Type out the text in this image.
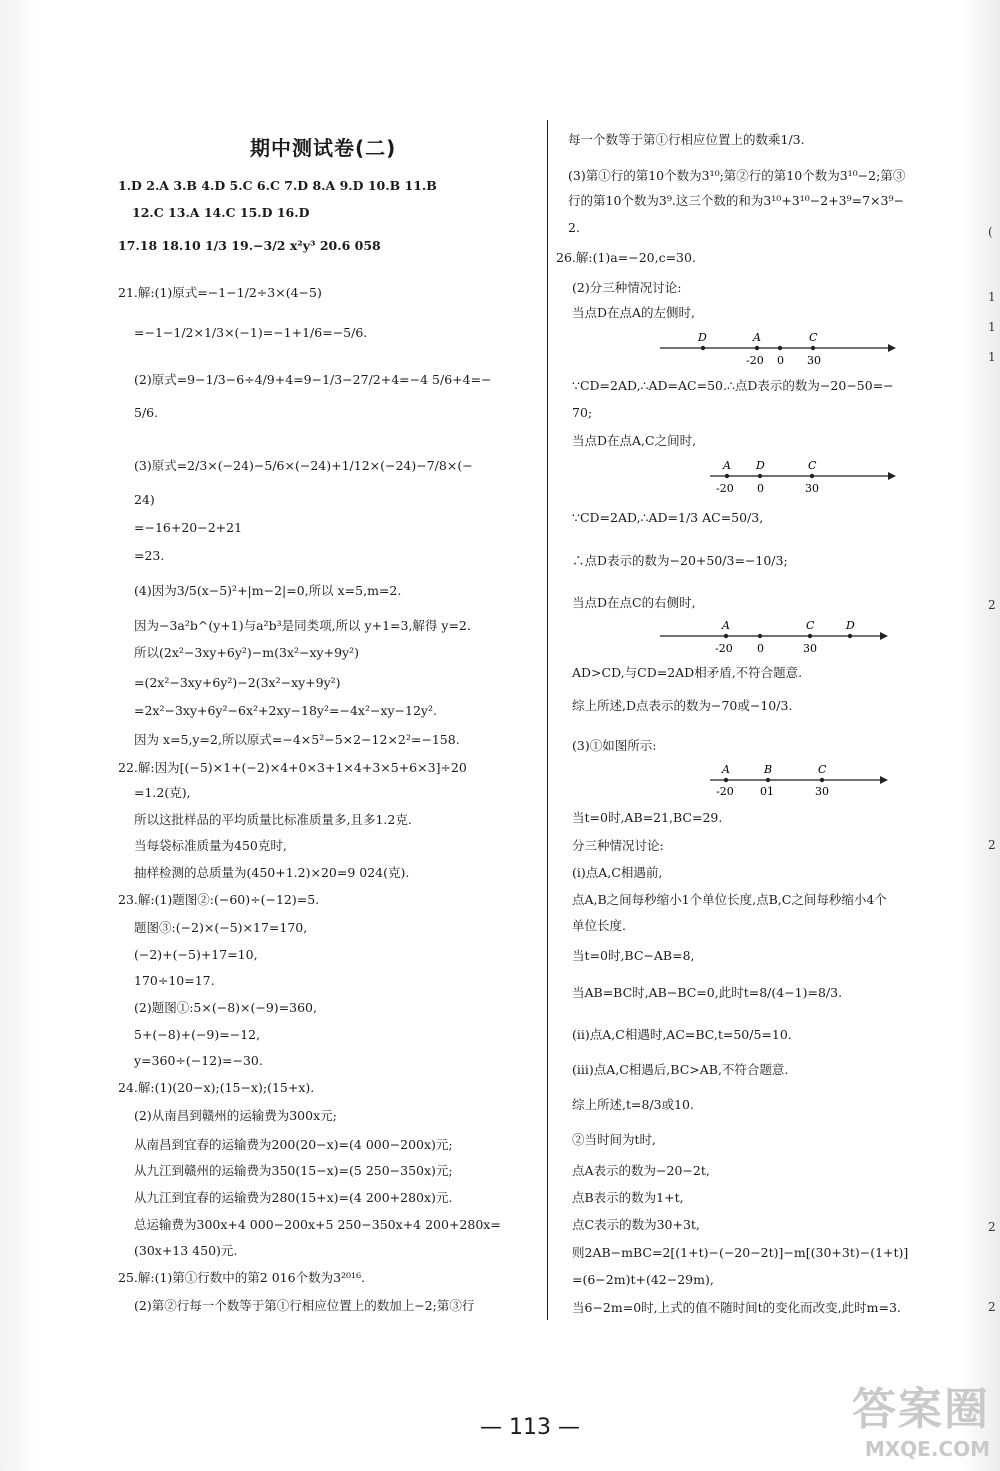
期中测试卷(二)
1.D 2.A 3.B 4.D 5.C 6.C 7.D 8.A 9.D 10.B 11.B
12.C 13.A 14.C 15.D 16.D
17.18 18.10 1/3 19.−3/2 x²y³ 20.6 058
21.解:(1)原式=−1−1/2÷3×(4−5)
=−1−1/2×1/3×(−1)=−1+1/6=−5/6.
(2)原式=9−1/3−6÷4/9+4=9−1/3−27/2+4=−4 5/6+4=−
5/6.
(3)原式=2/3×(−24)−5/6×(−24)+1/12×(−24)−7/8×(−
24)
=−16+20−2+21
=23.
(4)因为3/5(x−5)²+|m−2|=0,所以 x=5,m=2.
因为−3a²b^(y+1)与a²b³是同类项,所以 y+1=3,解得 y=2.
所以(2x²−3xy+6y²)−m(3x²−xy+9y²)
=(2x²−3xy+6y²)−2(3x²−xy+9y²)
=2x²−3xy+6y²−6x²+2xy−18y²=−4x²−xy−12y².
因为 x=5,y=2,所以原式=−4×5²−5×2−12×2²=−158.
22.解:因为[(−5)×1+(−2)×4+0×3+1×4+3×5+6×3]÷20
=1.2(克),
所以这批样品的平均质量比标准质量多,且多1.2克.
当每袋标准质量为450克时,
抽样检测的总质量为(450+1.2)×20=9 024(克).
23.解:(1)题图②:(−60)÷(−12)=5.
题图③:(−2)×(−5)×17=170,
(−2)+(−5)+17=10,
170÷10=17.
(2)题图①:5×(−8)×(−9)=360,
5+(−8)+(−9)=−12,
y=360÷(−12)=−30.
24.解:(1)(20−x);(15−x);(15+x).
(2)从南昌到赣州的运输费为300x元;
从南昌到宜春的运输费为200(20−x)=(4 000−200x)元;
从九江到赣州的运输费为350(15−x)=(5 250−350x)元;
从九江到宜春的运输费为280(15+x)=(4 200+280x)元.
总运输费为300x+4 000−200x+5 250−350x+4 200+280x=
(30x+13 450)元.
25.解:(1)第①行数中的第2 016个数为3²⁰¹⁶.
(2)第②行每一个数等于第①行相应位置上的数加上−2;第③行
每一个数等于第①行相应位置上的数乘1/3.
(3)第①行的第10个数为3¹⁰;第②行的第10个数为3¹⁰−2;第③
行的第10个数为3⁹.这三个数的和为3¹⁰+3¹⁰−2+3⁹=7×3⁹−
2.
26.解:(1)a=−20,c=30.
(2)分三种情况讨论:
当点D在点A的左侧时,
D	A	C
-20 0 30
∵CD=2AD,∴AD=AC=50.∴点D表示的数为−20−50=−
70;
当点D在点A,C之间时,
A D	C
-20 0	30
∵CD=2AD,∴AD=1/3 AC=50/3,
∴点D表示的数为−20+50/3=−10/3;
当点D在点C的右侧时,
A	C	D
-20 0	30
AD>CD,与CD=2AD相矛盾,不符合题意.
综上所述,D点表示的数为−70或−10/3.
(3)①如图所示:
A	B	C
-20 01	30
当t=0时,AB=21,BC=29.
分三种情况讨论:
(ⅰ)点A,C相遇前,
点A,B之间每秒缩小1个单位长度,点B,C之间每秒缩小4个
单位长度.
当t=0时,BC−AB=8,
当AB=BC时,AB−BC=0,此时t=8/(4−1)=8/3.
(ⅱ)点A,C相遇时,AC=BC,t=50/5=10.
(ⅲ)点A,C相遇后,BC>AB,不符合题意.
综上所述,t=8/3或10.
②当时间为t时,
点A表示的数为−20−2t,
点B表示的数为1+t,
点C表示的数为30+3t,
则2AB−mBC=2[(1+t)−(−20−2t)]−m[(30+3t)−(1+t)]
=(6−2m)t+(42−29m),
当6−2m=0时,上式的值不随时间t的变化而改变,此时m=3.
(
1
1
1
2
2
2
2
— 113 —	答案圈
MXQE.COM
